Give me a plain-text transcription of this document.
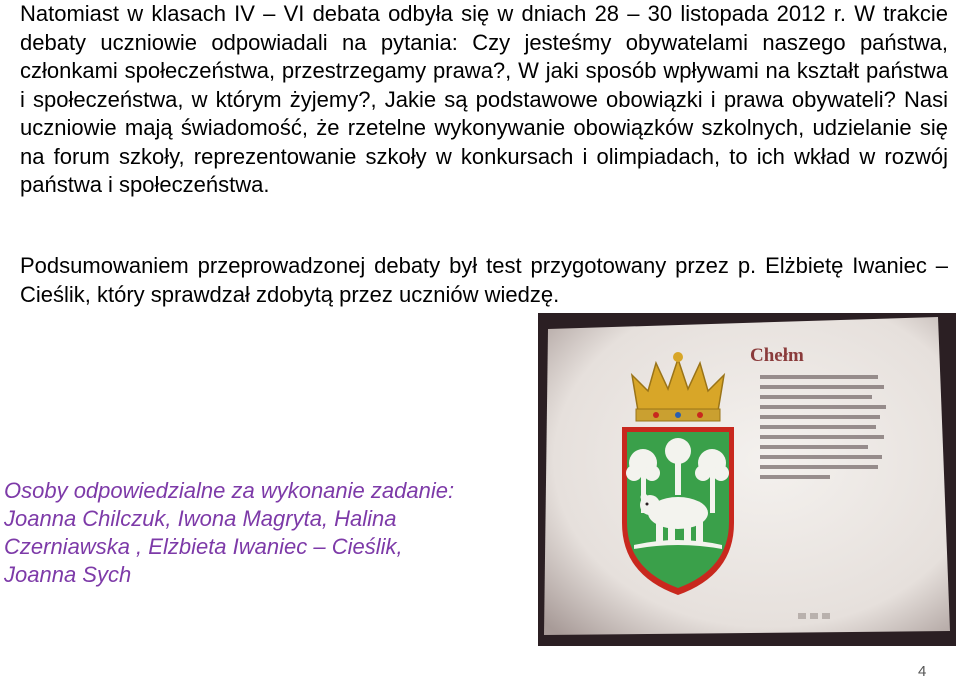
Natomiast w klasach IV – VI debata odbyła się w dniach 28 – 30 listopada 2012 r. W trakcie debaty uczniowie odpowiadali na pytania: Czy jesteśmy obywatelami naszego państwa, członkami społeczeństwa, przestrzegamy prawa?, W jaki sposób wpływami na kształt państwa i społeczeństwa, w którym żyjemy?, Jakie są podstawowe obowiązki i prawa obywateli? Nasi uczniowie mają świadomość, że rzetelne wykonywanie obowiązków szkolnych, udzielanie się na forum szkoły, reprezentowanie szkoły w konkursach i olimpiadach, to ich wkład w rozwój państwa i społeczeństwa.

Podsumowaniem przeprowadzonej debaty był test przygotowany przez p. Elżbietę Iwaniec – Cieślik, który sprawdzał zdobytą przez uczniów wiedzę.

Chełm
Osoby odpowiedzialne za wykonanie zadanie:
Joanna Chilczuk, Iwona Magryta, Halina
Czerniawska , Elżbieta Iwaniec – Cieślik,
Joanna Sych
4
